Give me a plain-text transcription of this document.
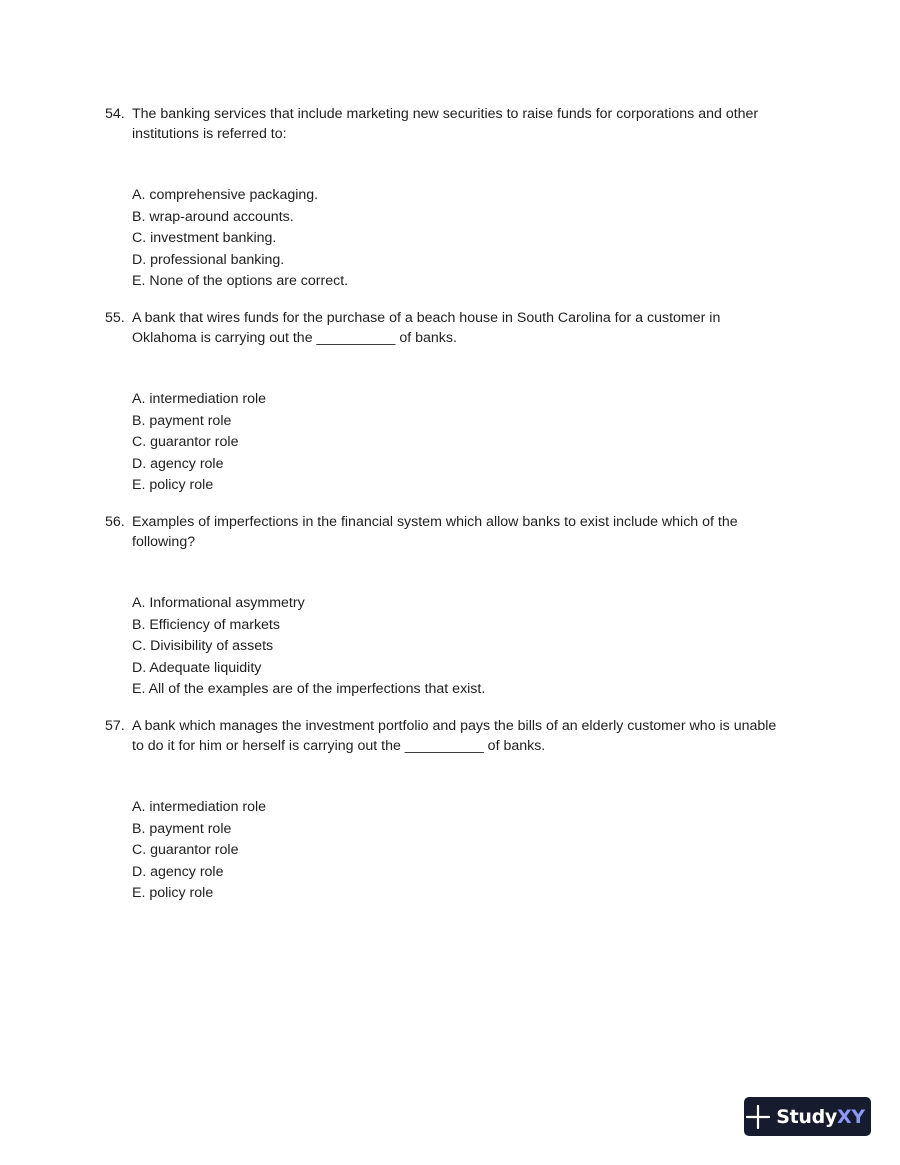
54. The banking services that include marketing new securities to raise funds for corporations and other institutions is referred to:
A. comprehensive packaging.
B. wrap-around accounts.
C. investment banking.
D. professional banking.
E. None of the options are correct.
55. A bank that wires funds for the purchase of a beach house in South Carolina for a customer in Oklahoma is carrying out the __________ of banks.
A. intermediation role
B. payment role
C. guarantor role
D. agency role
E. policy role
56. Examples of imperfections in the financial system which allow banks to exist include which of the following?
A. Informational asymmetry
B. Efficiency of markets
C. Divisibility of assets
D. Adequate liquidity
E. All of the examples are of the imperfections that exist.
57. A bank which manages the investment portfolio and pays the bills of an elderly customer who is unable to do it for him or herself is carrying out the __________ of banks.
A. intermediation role
B. payment role
C. guarantor role
D. agency role
E. policy role
StudyXY
